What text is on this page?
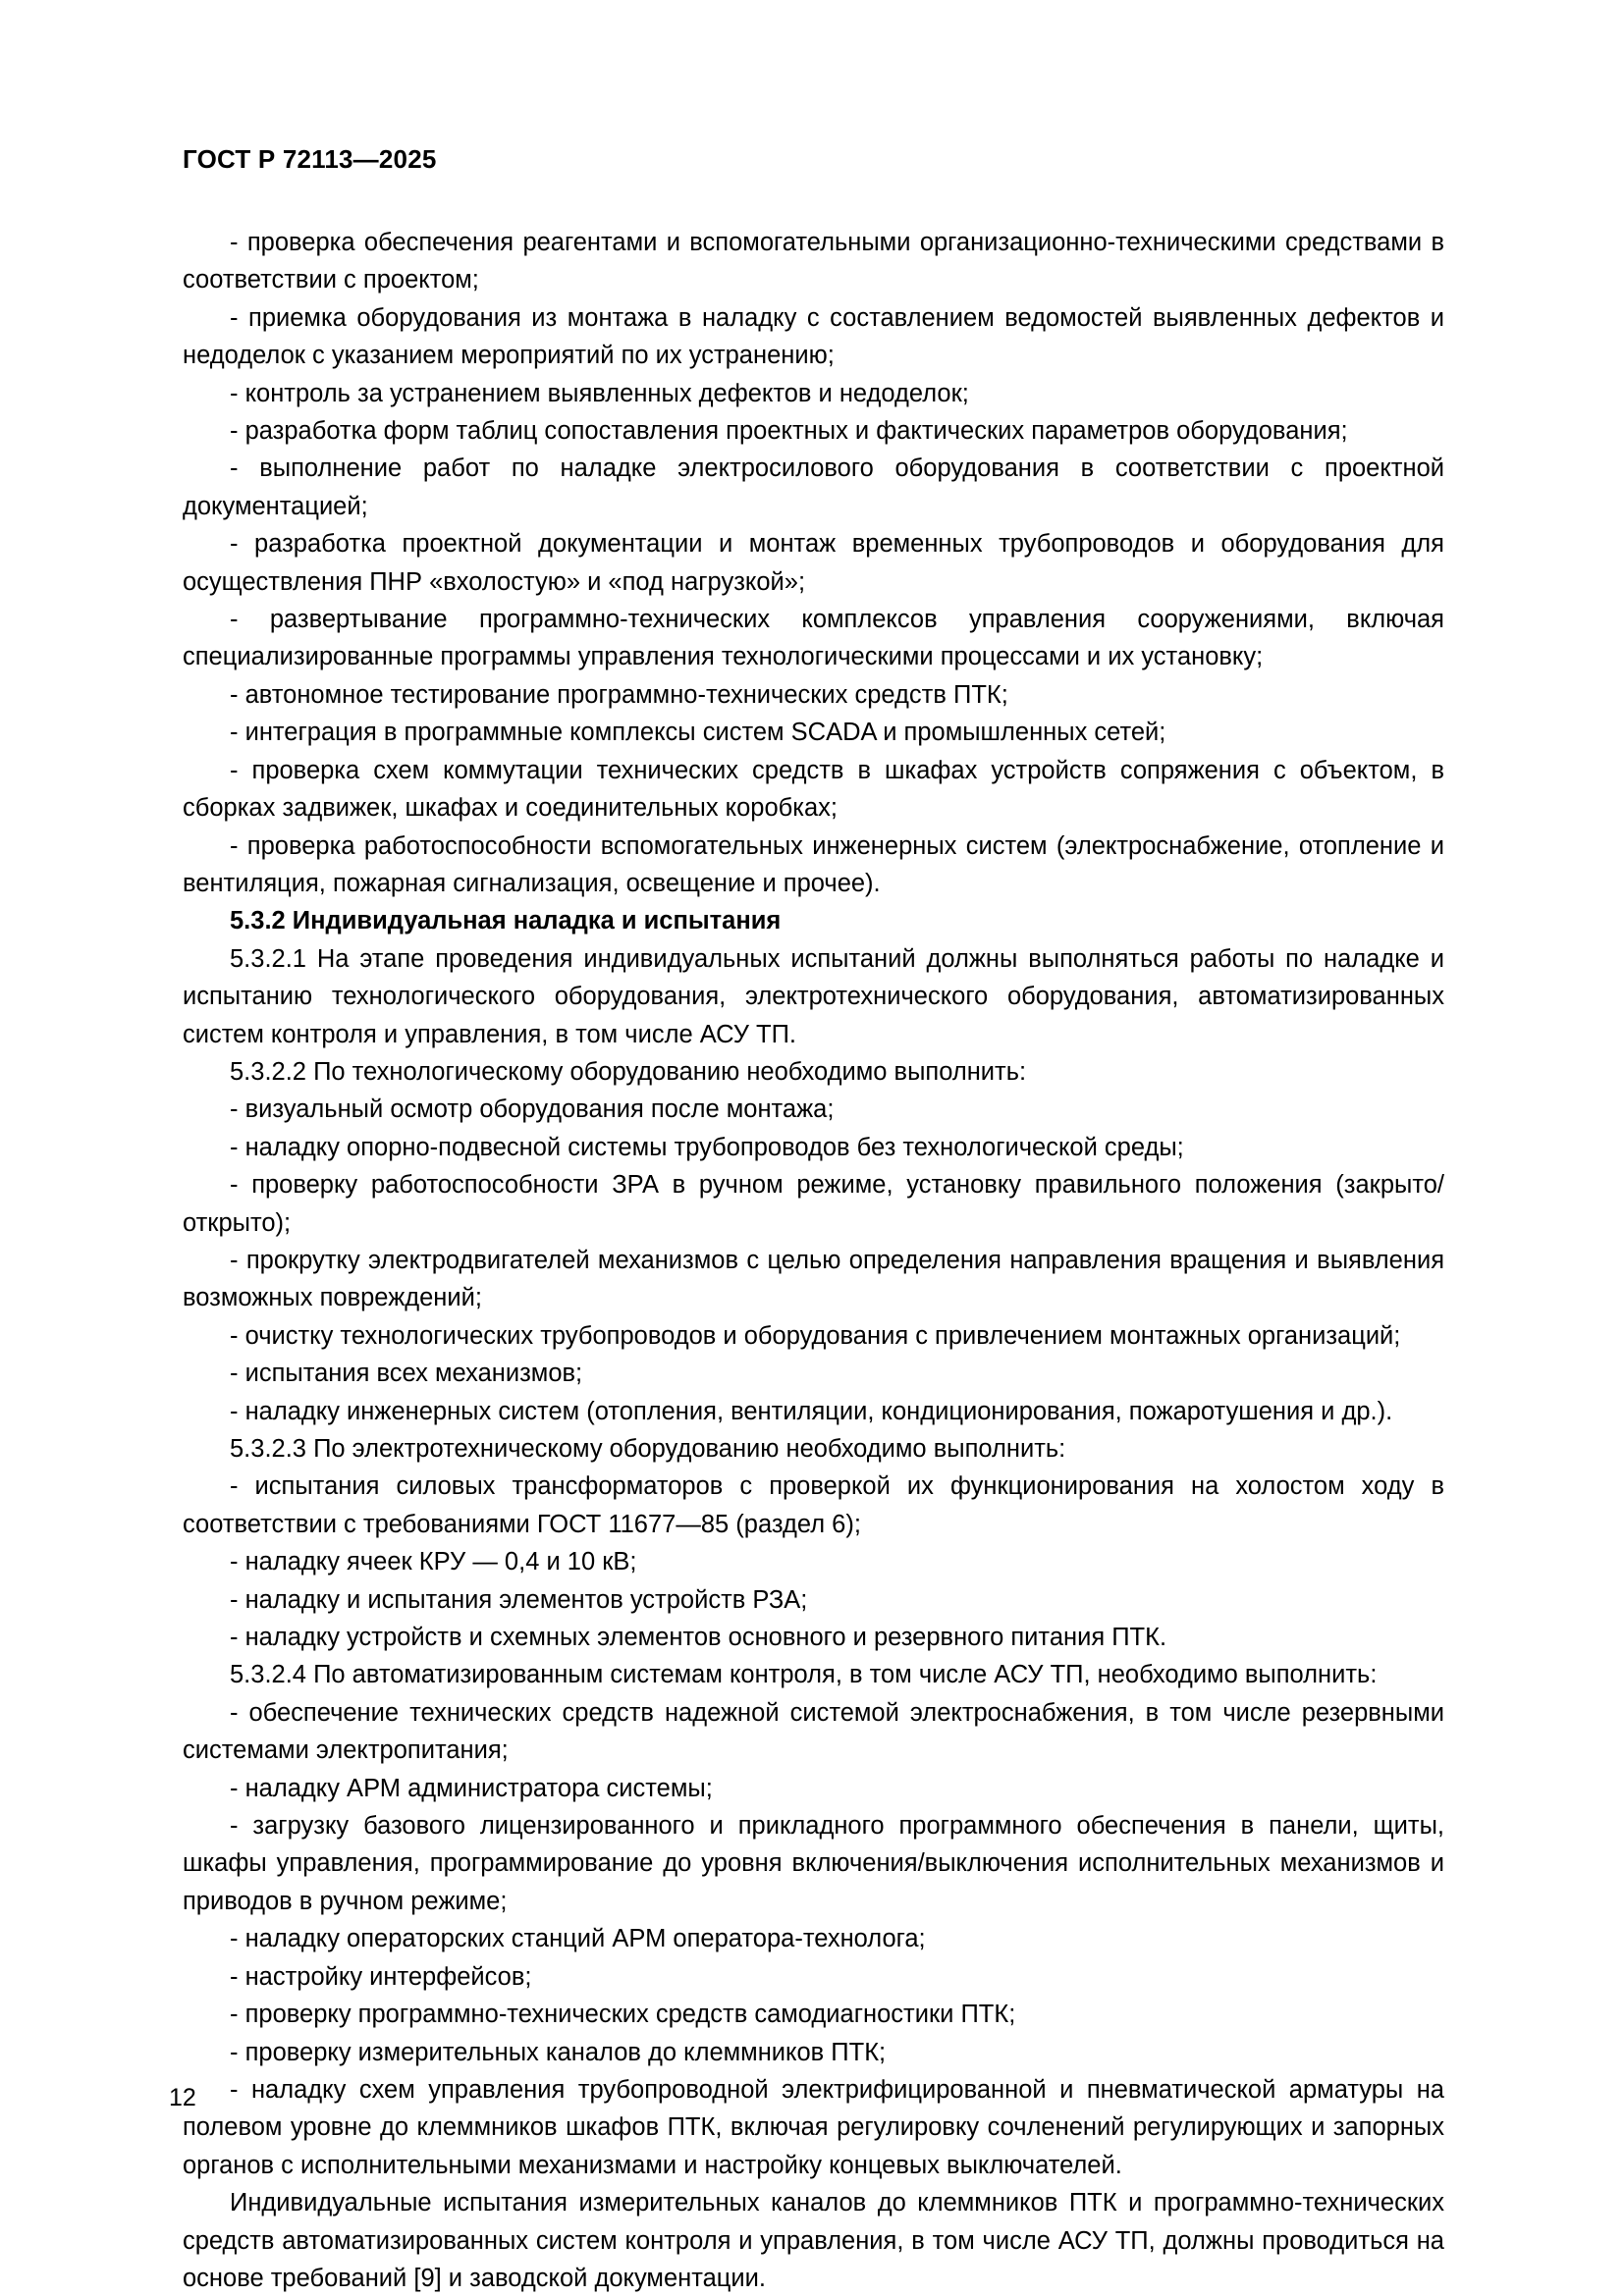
ГОСТ Р 72113—2025

- проверка обеспечения реагентами и вспомогательными организационно-техническими средствами в соответствии с проектом;

- приемка оборудования из монтажа в наладку с составлением ведомостей выявленных дефектов и недоделок с указанием мероприятий по их устранению;

- контроль за устранением выявленных дефектов и недоделок;

- разработка форм таблиц сопоставления проектных и фактических параметров оборудования;

- выполнение работ по наладке электросилового оборудования в соответствии с проектной документацией;

- разработка проектной документации и монтаж временных трубопроводов и оборудования для осуществления ПНР «вхолостую» и «под нагрузкой»;

- развертывание программно-технических комплексов управления сооружениями, включая специализированные программы управления технологическими процессами и их установку;

- автономное тестирование программно-технических средств ПТК;

- интеграция в программные комплексы систем SCADA и промышленных сетей;

- проверка схем коммутации технических средств в шкафах устройств сопряжения с объектом, в сборках задвижек, шкафах и соединительных коробках;

- проверка работоспособности вспомогательных инженерных систем (электроснабжение, отопление и вентиляция, пожарная сигнализация, освещение и прочее).

5.3.2 Индивидуальная наладка и испытания

5.3.2.1 На этапе проведения индивидуальных испытаний должны выполняться работы по наладке и испытанию технологического оборудования, электротехнического оборудования, автоматизированных систем контроля и управления, в том числе АСУ ТП.

5.3.2.2 По технологическому оборудованию необходимо выполнить:

- визуальный осмотр оборудования после монтажа;

- наладку опорно-подвесной системы трубопроводов без технологической среды;

- проверку работоспособности ЗРА в ручном режиме, установку правильного положения (закрыто/открыто);

- прокрутку электродвигателей механизмов с целью определения направления вращения и выявления возможных повреждений;

- очистку технологических трубопроводов и оборудования с привлечением монтажных организаций;

- испытания всех механизмов;

- наладку инженерных систем (отопления, вентиляции, кондиционирования, пожаротушения и др.).

5.3.2.3 По электротехническому оборудованию необходимо выполнить:

- испытания силовых трансформаторов с проверкой их функционирования на холостом ходу в соответствии с требованиями ГОСТ 11677—85 (раздел 6);

- наладку ячеек КРУ — 0,4 и 10 кВ;

- наладку и испытания элементов устройств РЗА;

- наладку устройств и схемных элементов основного и резервного питания ПТК.

5.3.2.4 По автоматизированным системам контроля, в том числе АСУ ТП, необходимо выполнить:

- обеспечение технических средств надежной системой электроснабжения, в том числе резервными системами электропитания;

- наладку АРМ администратора системы;

- загрузку базового лицензированного и прикладного программного обеспечения в панели, щиты, шкафы управления, программирование до уровня включения/выключения исполнительных механизмов и приводов в ручном режиме;

- наладку операторских станций АРМ оператора-технолога;

- настройку интерфейсов;

- проверку программно-технических средств самодиагностики ПТК;

- проверку измерительных каналов до клеммников ПТК;

- наладку схем управления трубопроводной электрифицированной и пневматической арматуры на полевом уровне до клеммников шкафов ПТК, включая регулировку сочленений регулирующих и запорных органов с исполнительными механизмами и настройку концевых выключателей.

Индивидуальные испытания измерительных каналов до клеммников ПТК и программно-технических средств автоматизированных систем контроля и управления, в том числе АСУ ТП, должны проводиться на основе требований [9] и заводской документации.

12
